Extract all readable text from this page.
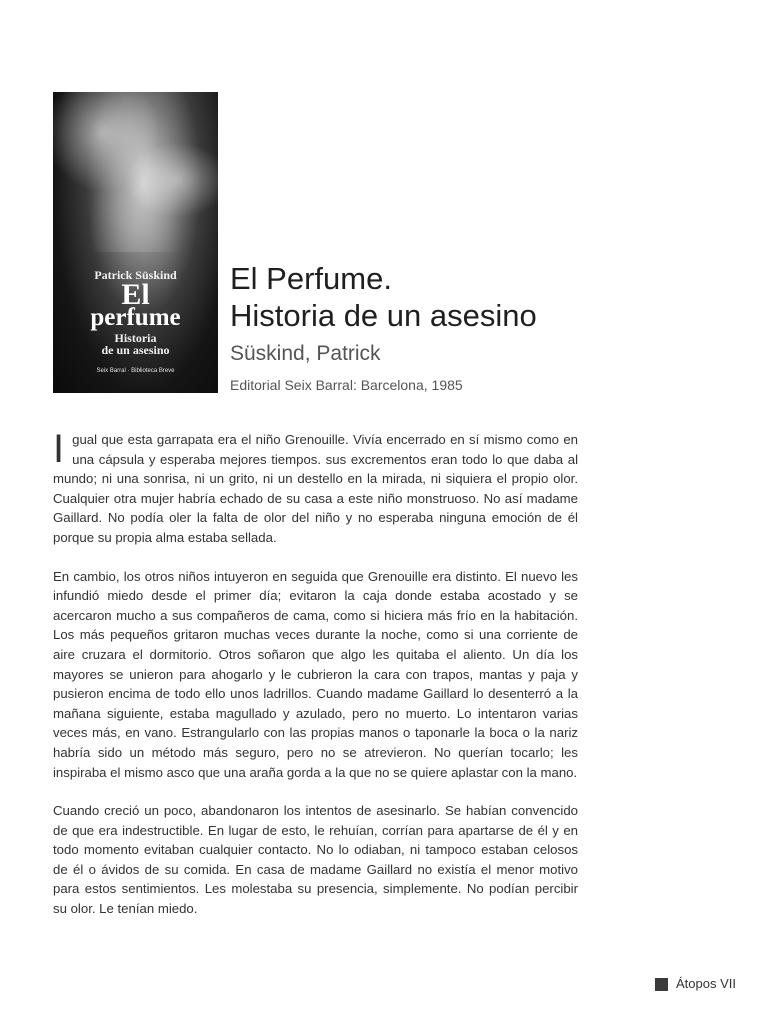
Patrick Süskind
El
perfume
Historia
de un asesino
Seix Barral · Biblioteca Breve
El Perfume.
Historia de un asesino
Süskind, Patrick
Editorial Seix Barral: Barcelona, 1985

I gual que esta garrapata era el niño Grenouille. Vivía encerrado en sí mismo como en una cápsula y esperaba mejores tiempos. sus excrementos eran todo lo que daba al mundo; ni una sonrisa, ni un grito, ni un destello en la mirada, ni siquiera el propio olor. Cualquier otra mujer habría echado de su casa a este niño monstruoso. No así madame Gaillard. No podía oler la falta de olor del niño y no esperaba ninguna emoción de él porque su propia alma estaba sellada.

En cambio, los otros niños intuyeron en seguida que Grenouille era distinto. El nuevo les infundió miedo desde el primer día; evitaron la caja donde estaba acostado y se acercaron mucho a sus compañeros de cama, como si hiciera más frío en la habitación. Los más pequeños gritaron muchas veces durante la noche, como si una corriente de aire cruzara el dormitorio. Otros soñaron que algo les quitaba el aliento. Un día los mayores se unieron para ahogarlo y le cubrieron la cara con trapos, mantas y paja y pusieron encima de todo ello unos ladrillos. Cuando madame Gaillard lo desenterró a la mañana siguiente, estaba magullado y azulado, pero no muerto. Lo intentaron varias veces más, en vano. Estrangularlo con las propias manos o taponarle la boca o la nariz habría sido un método más seguro, pero no se atrevieron. No querían tocarlo; les inspiraba el mismo asco que una araña gorda a la que no se quiere aplastar con la mano.

Cuando creció un poco, abandonaron los intentos de asesinarlo. Se habían convencido de que era indestructible. En lugar de esto, le rehuían, corrían para apartarse de él y en todo momento evitaban cualquier contacto. No lo odiaban, ni tampoco estaban celosos de él o ávidos de su comida. En casa de madame Gaillard no existía el menor motivo para estos sentimientos. Les molestaba su presencia, simplemente. No podían percibir su olor. Le tenían miedo.

Átopos VII
